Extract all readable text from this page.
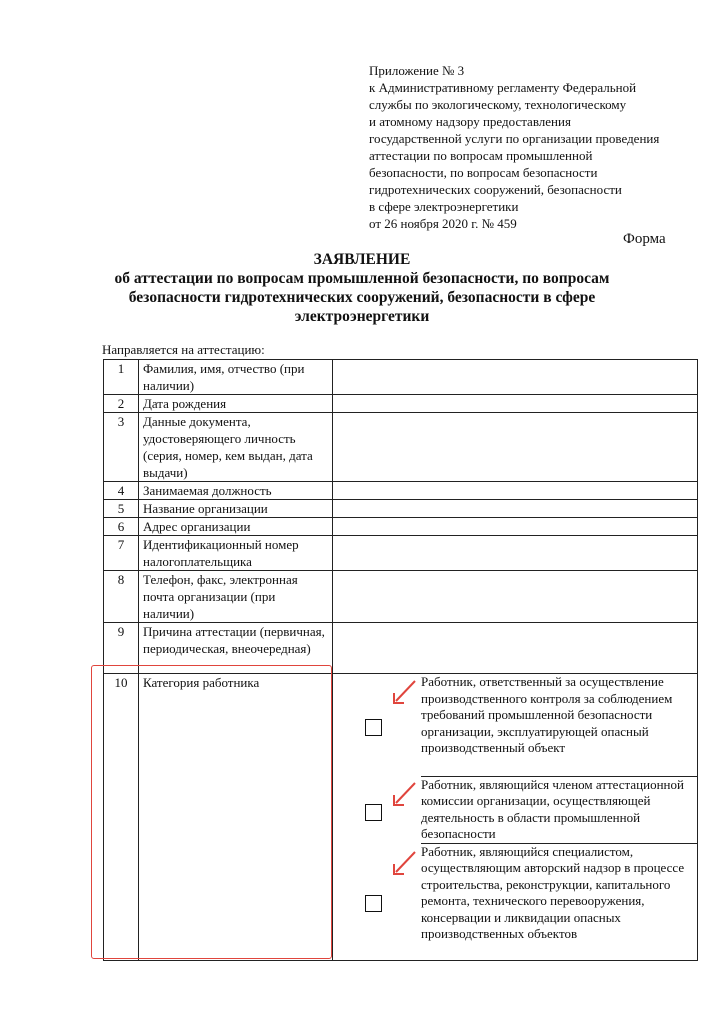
Приложение № 3
к Административному регламенту Федеральной
службы по экологическому, технологическому
и атомному надзору предоставления
государственной услуги по организации проведения
аттестации по вопросам промышленной
безопасности, по вопросам безопасности
гидротехнических сооружений, безопасности
в сфере электроэнергетики
от 26 ноября 2020 г. № 459
Форма
ЗАЯВЛЕНИЕ
об аттестации по вопросам промышленной безопасности, по вопросам
безопасности гидротехнических сооружений, безопасности в сфере
электроэнергетики
Направляется на аттестацию:
1	Фамилия, имя, отчество (при наличии)	
2	Дата рождения	
3	Данные документа, удостоверяющего личность (серия, номер, кем выдан, дата выдачи)	
4	Занимаемая должность	
5	Название организации	
6	Адрес организации	
7	Идентификационный номер налогоплательщика	
8	Телефон, факс, электронная почта организации (при наличии)	
9	Причина аттестации (первичная, периодическая, внеочередная)	
10	Категория работника	
		Работник, ответственный за осуществление производственного контроля за соблюдением требований промышленной безопасности организации, эксплуатирующей опасный производственный объект

	Работник, являющийся членом аттестационной комиссии организации, осуществляющей деятельность в области промышленной безопасности

	Работник, являющийся специалистом, осуществляющим авторский надзор в процессе строительства, реконструкции, капитального ремонта, технического перевооружения, консервации и ликвидации опасных производственных объектов
